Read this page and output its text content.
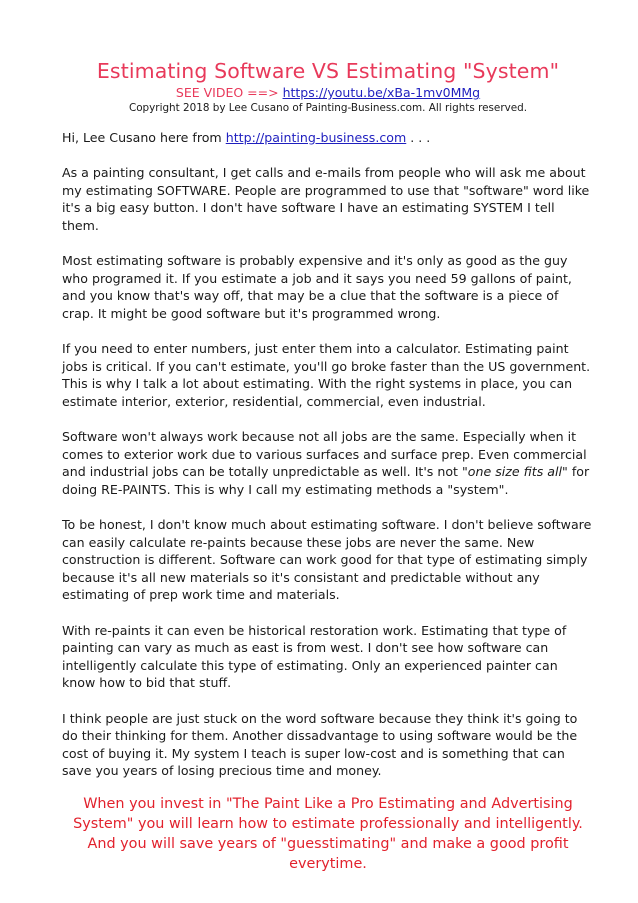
Estimating Software VS Estimating "System"
SEE VIDEO ==> https://youtu.be/xBa-1mv0MMg
Copyright 2018 by Lee Cusano of Painting-Business.com. All rights reserved.

Hi, Lee Cusano here from http://painting-business.com . . .

As a painting consultant, I get calls and e-mails from people who will ask me about my estimating SOFTWARE. People are programmed to use that "software" word like it's a big easy button. I don't have software I have an estimating SYSTEM I tell them.

Most estimating software is probably expensive and it's only as good as the guy who programed it. If you estimate a job and it says you need 59 gallons of paint, and you know that's way off, that may be a clue that the software is a piece of crap. It might be good software but it's programmed wrong.

If you need to enter numbers, just enter them into a calculator. Estimating paint jobs is critical. If you can't estimate, you'll go broke faster than the US government. This is why I talk a lot about estimating. With the right systems in place, you can estimate interior, exterior, residential, commercial, even industrial.

Software won't always work because not all jobs are the same. Especially when it comes to exterior work due to various surfaces and surface prep. Even commercial and industrial jobs can be totally unpredictable as well. It's not "one size fits all" for doing RE-PAINTS. This is why I call my estimating methods a "system".

To be honest, I don't know much about estimating software. I don't believe software can easily calculate re-paints because these jobs are never the same. New construction is different. Software can work good for that type of estimating simply because it's all new materials so it's consistant and predictable without any estimating of prep work time and materials.

With re-paints it can even be historical restoration work. Estimating that type of painting can vary as much as east is from west. I don't see how software can intelligently calculate this type of estimating. Only an experienced painter can know how to bid that stuff.

I think people are just stuck on the word software because they think it's going to do their thinking for them. Another dissadvantage to using software would be the cost of buying it. My system I teach is super low-cost and is something that can save you years of losing precious time and money.

When you invest in "The Paint Like a Pro Estimating and Advertising System" you will learn how to estimate professionally and intelligently. And you will save years of "guesstimating" and make a good profit everytime.
